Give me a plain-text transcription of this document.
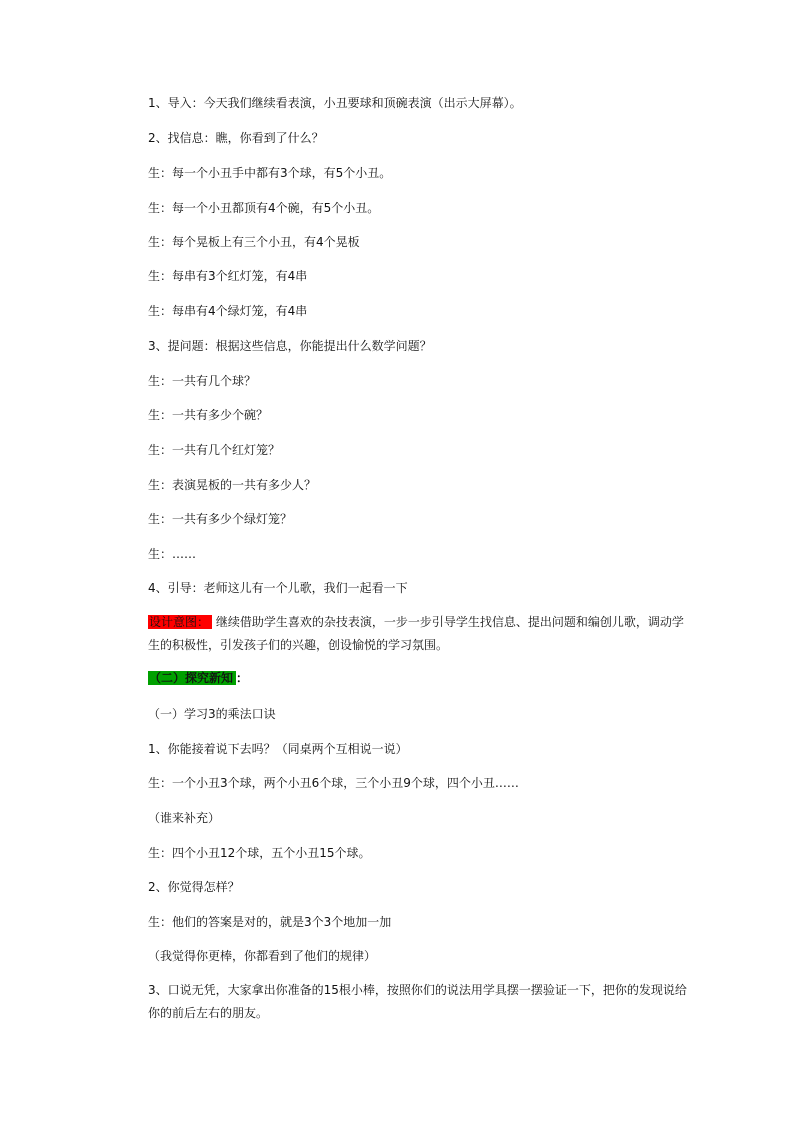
1、导入：今天我们继续看表演，小丑要球和顶碗表演（出示大屏幕）。
2、找信息：瞧，你看到了什么？
生：每一个小丑手中都有3个球，有5个小丑。
生：每一个小丑都顶有4个碗，有5个小丑。
生：每个晃板上有三个小丑，有4个晃板
生：每串有3个红灯笼，有4串
生：每串有4个绿灯笼，有4串
3、提问题：根据这些信息，你能提出什么数学问题？
生：一共有几个球？
生：一共有多少个碗？
生：一共有几个红灯笼？
生：表演晃板的一共有多少人？
生：一共有多少个绿灯笼？
生：……
4、引导：老师这儿有一个儿歌，我们一起看一下
设计意图： 继续借助学生喜欢的杂技表演，一步一步引导学生找信息、提出问题和编创儿歌，调动学生的积极性，引发孩子们的兴趣，创设愉悦的学习氛围。
（二）探究新知 ：
（一）学习3的乘法口诀
1、你能接着说下去吗？（同桌两个互相说一说）
生：一个小丑3个球，两个小丑6个球，三个小丑9个球，四个小丑……
（谁来补充）
生：四个小丑12个球，五个小丑15个球。
2、你觉得怎样？
生：他们的答案是对的，就是3个3个地加一加
（我觉得你更棒，你都看到了他们的规律）
3、口说无凭，大家拿出你准备的15根小棒，按照你们的说法用学具摆一摆验证一下，把你的发现说给你的前后左右的朋友。
